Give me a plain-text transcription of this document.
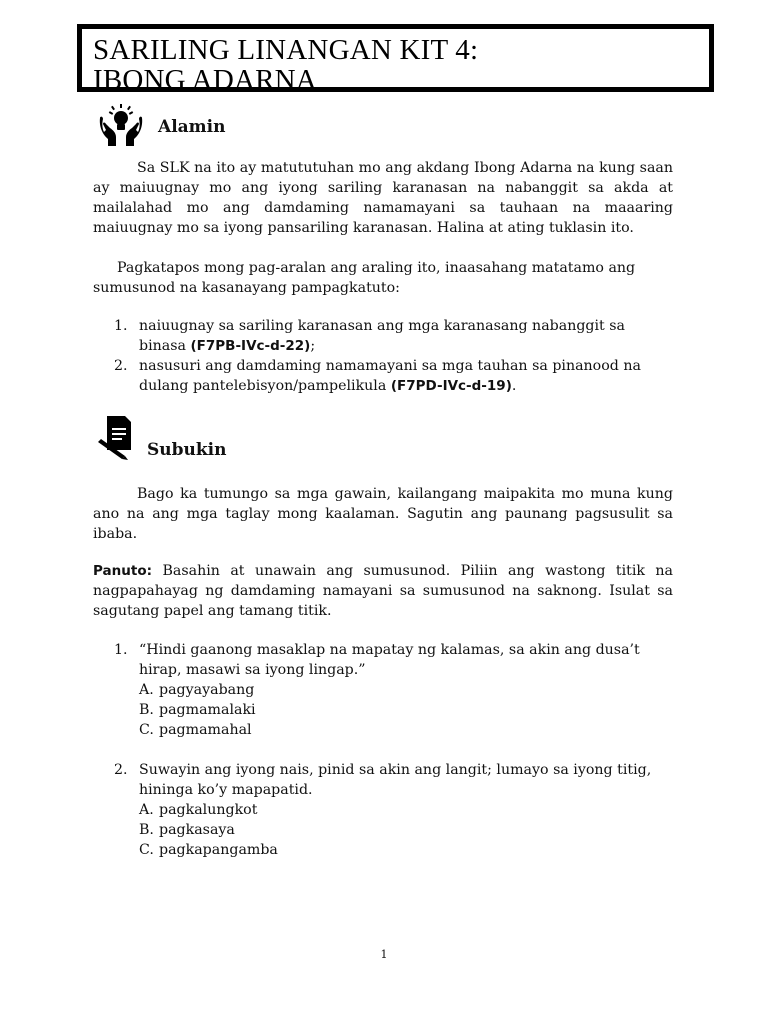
SARILING LINANGAN KIT 4:
IBONG ADARNA
Alamin

Sa SLK na ito ay matututuhan mo ang akdang Ibong Adarna na kung saan ay maiuugnay mo ang iyong sariling karanasan na nabanggit sa akda at mailalahad mo ang damdaming namamayani sa tauhaan na maaaring maiuugnay mo sa iyong pansariling karanasan. Halina at ating tuklasin ito.

Pagkatapos mong pag-aralan ang araling ito, inaasahang matatamo ang sumusunod na kasanayang pampagkatuto:

1. naiuugnay sa sariling karanasan ang mga karanasang nabanggit sa binasa (F7PB-IVc-d-22);
2. nasusuri ang damdaming namamayani sa mga tauhan sa pinanood na dulang pantelebisyon/pampelikula (F7PD-IVc-d-19).
Subukin

Bago ka tumungo sa mga gawain, kailangang maipakita mo muna kung ano na ang mga taglay mong kaalaman. Sagutin ang paunang pagsusulit sa ibaba.

Panuto: Basahin at unawain ang sumusunod. Piliin ang wastong titik na nagpapahayag ng damdaming namayani sa sumusunod na saknong. Isulat sa sagutang papel ang tamang titik.

1. “Hindi gaanong masaklap na mapatay ng kalamas, sa akin ang dusa’t hirap, masawi sa iyong lingap.”
A. pagyayabang
B. pagmamalaki
C. pagmamahal
2. Suwayin ang iyong nais, pinid sa akin ang langit; lumayo sa iyong titig, hininga ko’y mapapatid.
A. pagkalungkot
B. pagkasaya
C. pagkapangamba
1
